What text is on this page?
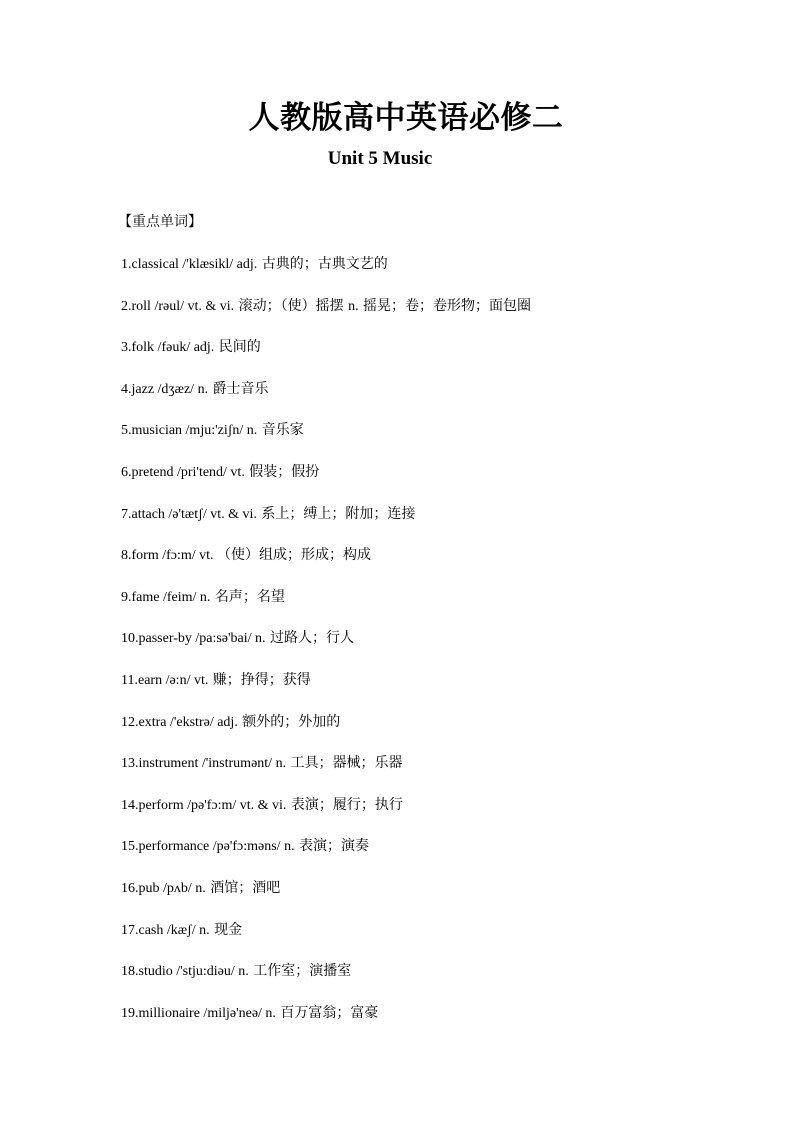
人教版高中英语必修二
Unit 5 Music
【重点单词】
1.classical /'klæsikl/ adj. 古典的；古典文艺的
2.roll /rəul/ vt. & vi. 滚动；（使）摇摆 n. 摇晃；卷；卷形物；面包圈
3.folk /fəuk/ adj. 民间的
4.jazz /dʒæz/ n. 爵士音乐
5.musician /mju:'ziʃn/ n. 音乐家
6.pretend /pri'tend/ vt. 假装；假扮
7.attach /ə'tætʃ/ vt. & vi. 系上；缚上；附加；连接
8.form /fɔ:m/ vt. （使）组成；形成；构成
9.fame /feim/ n. 名声；名望
10.passer-by /pa:sə'bai/ n. 过路人；行人
11.earn /ə:n/ vt. 赚；挣得；获得
12.extra /'ekstrə/ adj. 额外的；外加的
13.instrument /'instrumənt/ n. 工具；器械；乐器
14.perform /pə'fɔ:m/ vt. & vi. 表演；履行；执行
15.performance /pə'fɔ:məns/ n. 表演；演奏
16.pub /pʌb/ n. 酒馆；酒吧
17.cash /kæʃ/ n. 现金
18.studio /'stju:diəu/ n. 工作室；演播室
19.millionaire /miljə'neə/ n. 百万富翁；富豪
